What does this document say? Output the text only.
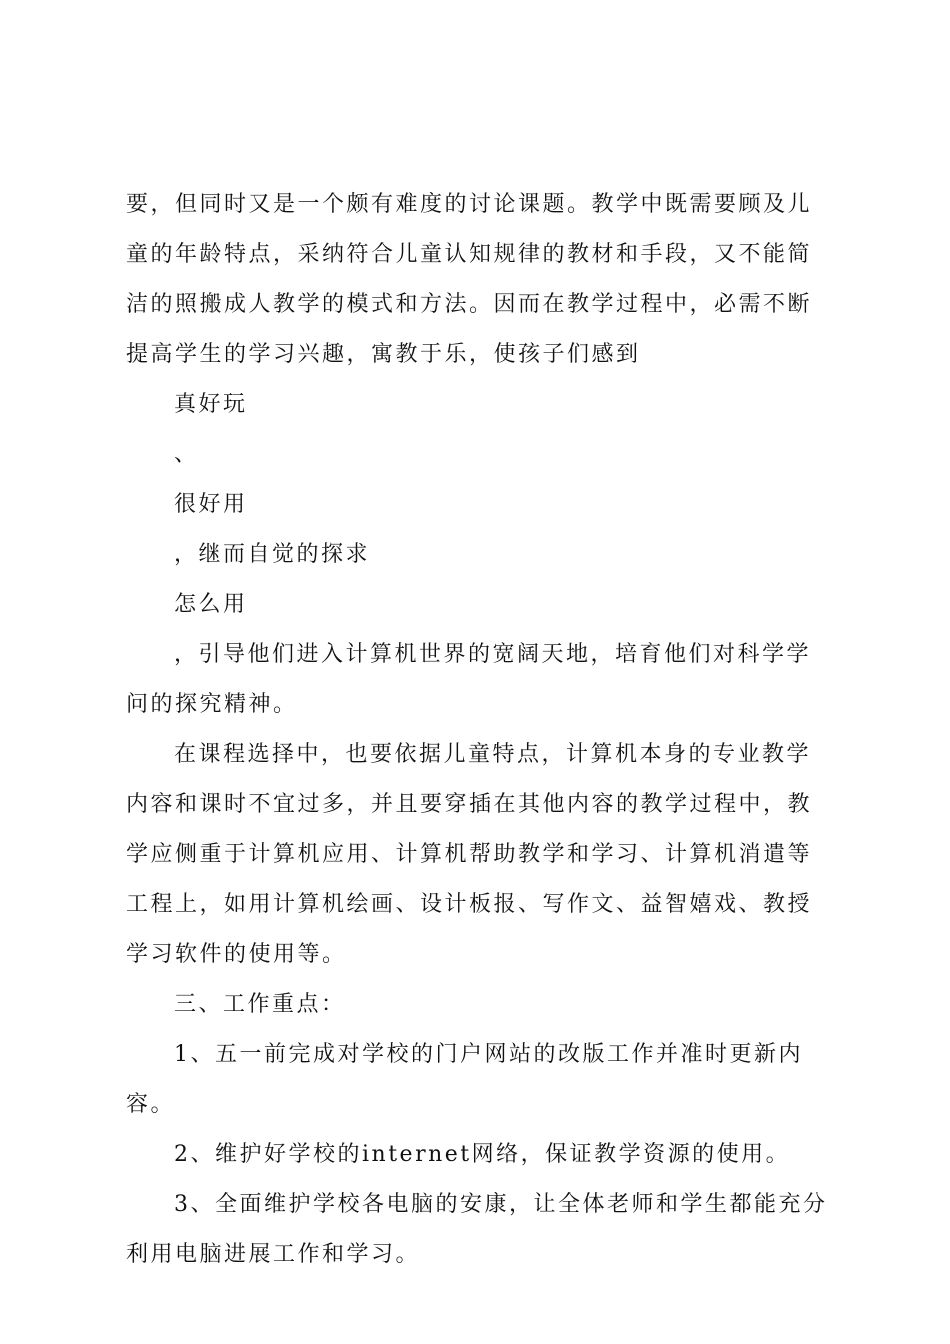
要，但同时又是一个颇有难度的讨论课题。教学中既需要顾及儿童的年龄特点，采纳符合儿童认知规律的教材和手段，又不能简洁的照搬成人教学的模式和方法。因而在教学过程中，必需不断提高学生的学习兴趣，寓教于乐，使孩子们感到

真好玩

、

很好用

，继而自觉的探求

怎么用

，引导他们进入计算机世界的宽阔天地，培育他们对科学学问的探究精神。

在课程选择中，也要依据儿童特点，计算机本身的专业教学内容和课时不宜过多，并且要穿插在其他内容的教学过程中，教学应侧重于计算机应用、计算机帮助教学和学习、计算机消遣等工程上，如用计算机绘画、设计板报、写作文、益智嬉戏、教授学习软件的使用等。

三、工作重点：

1、五一前完成对学校的门户网站的改版工作并准时更新内容。

2、维护好学校的internet网络，保证教学资源的使用。

3、全面维护学校各电脑的安康，让全体老师和学生都能充分利用电脑进展工作和学习。
